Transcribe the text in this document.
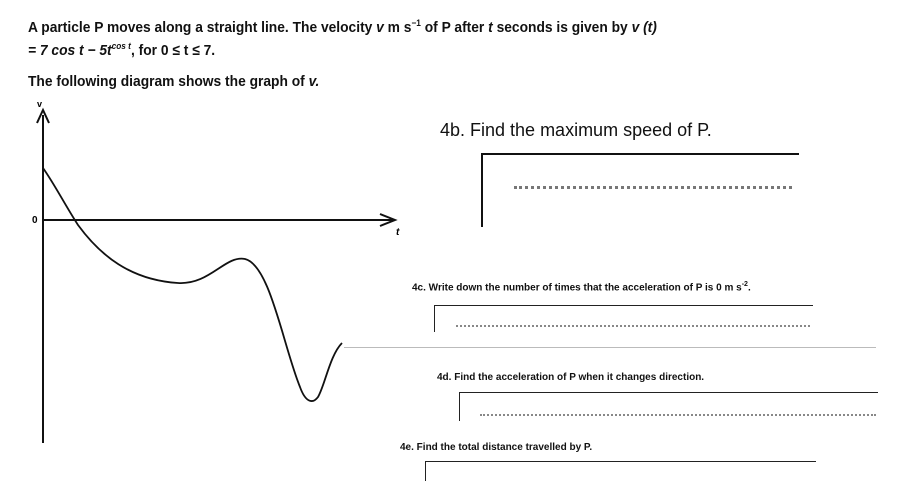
A particle P moves along a straight line. The velocity v m $s^{-1}$ of P after t seconds is given by v (t)
= 7 $\cos t - 5t^{cos t}$, for 0 ≤ t ≤ 7.
The following diagram shows the graph of v.
v
t
0
4b. Find the maximum speed of P.
4c. Write down the number of times that the acceleration of P is 0 m $s^{-2}$.
4d. Find the acceleration of P when it changes direction.
4e. Find the total distance travelled by P.
